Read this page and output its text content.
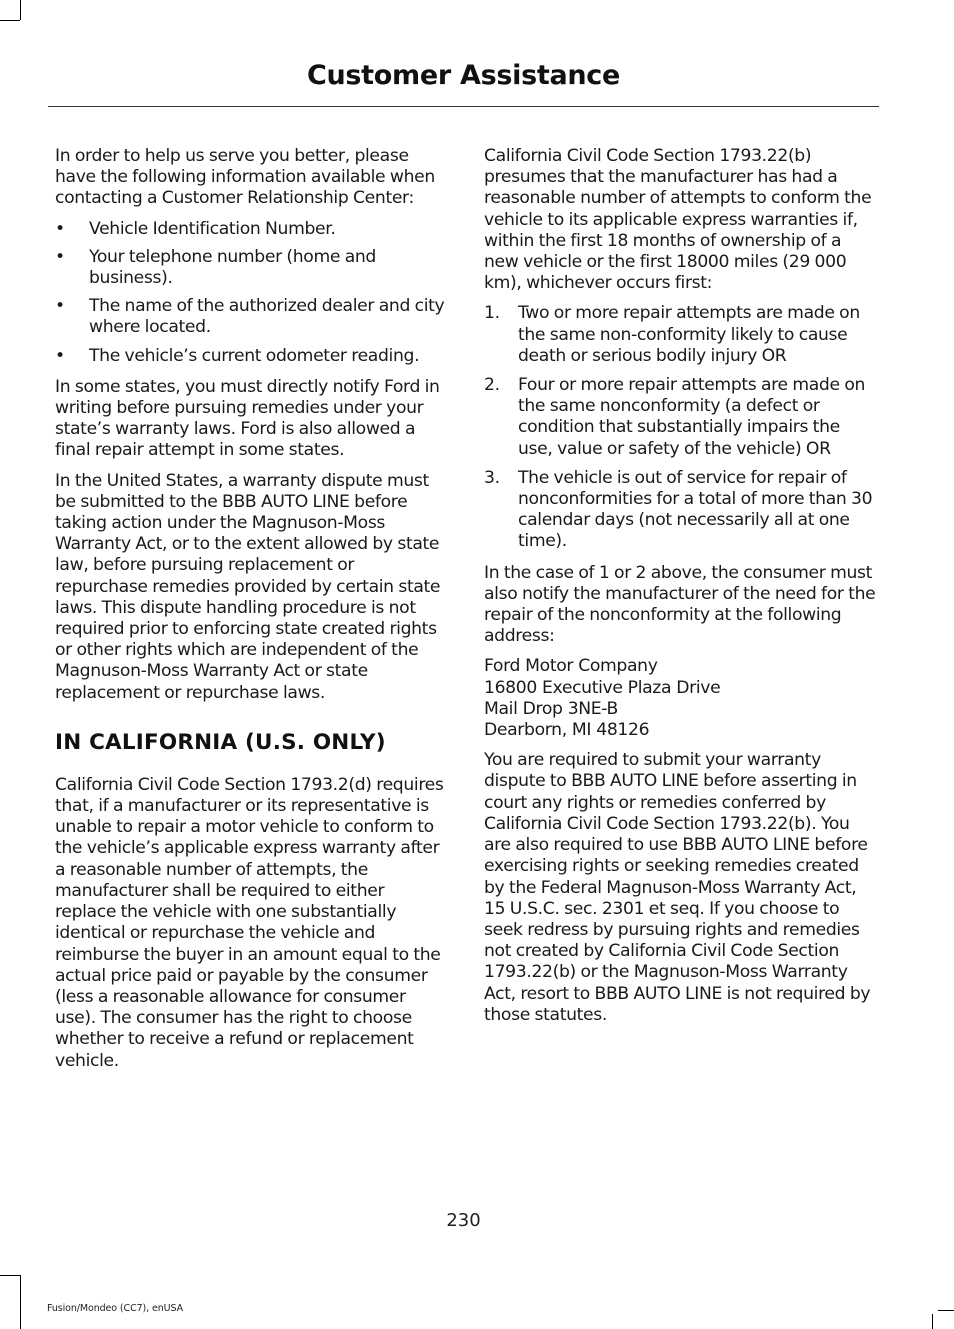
Customer Assistance

In order to help us serve you better, please have the following information available when contacting a Customer Relationship Center:

• Vehicle Identification Number.
• Your telephone number (home and business).
• The name of the authorized dealer and city where located.
• The vehicle’s current odometer reading.

In some states, you must directly notify Ford in writing before pursuing remedies under your state’s warranty laws. Ford is also allowed a final repair attempt in some states.

In the United States, a warranty dispute must be submitted to the BBB AUTO LINE before taking action under the Magnuson-Moss Warranty Act, or to the extent allowed by state law, before pursuing replacement or repurchase remedies provided by certain state laws. This dispute handling procedure is not required prior to enforcing state created rights or other rights which are independent of the Magnuson-Moss Warranty Act or state replacement or repurchase laws.

IN CALIFORNIA (U.S. ONLY)

California Civil Code Section 1793.2(d) requires that, if a manufacturer or its representative is unable to repair a motor vehicle to conform to the vehicle’s applicable express warranty after a reasonable number of attempts, the manufacturer shall be required to either replace the vehicle with one substantially identical or repurchase the vehicle and reimburse the buyer in an amount equal to the actual price paid or payable by the consumer (less a reasonable allowance for consumer use). The consumer has the right to choose whether to receive a refund or replacement vehicle.

California Civil Code Section 1793.22(b) presumes that the manufacturer has had a reasonable number of attempts to conform the vehicle to its applicable express warranties if, within the first 18 months of ownership of a new vehicle or the first 18000 miles (29 000 km), whichever occurs first:

1. Two or more repair attempts are made on the same non-conformity likely to cause death or serious bodily injury OR
2. Four or more repair attempts are made on the same nonconformity (a defect or condition that substantially impairs the use, value or safety of the vehicle) OR
3. The vehicle is out of service for repair of nonconformities for a total of more than 30 calendar days (not necessarily all at one time).

In the case of 1 or 2 above, the consumer must also notify the manufacturer of the need for the repair of the nonconformity at the following address:

Ford Motor Company
16800 Executive Plaza Drive
Mail Drop 3NE-B
Dearborn, MI 48126

You are required to submit your warranty dispute to BBB AUTO LINE before asserting in court any rights or remedies conferred by California Civil Code Section 1793.22(b). You are also required to use BBB AUTO LINE before exercising rights or seeking remedies created by the Federal Magnuson-Moss Warranty Act, 15 U.S.C. sec. 2301 et seq. If you choose to seek redress by pursuing rights and remedies not created by California Civil Code Section 1793.22(b) or the Magnuson-Moss Warranty Act, resort to BBB AUTO LINE is not required by those statutes.

230
Fusion/Mondeo (CC7), enUSA
